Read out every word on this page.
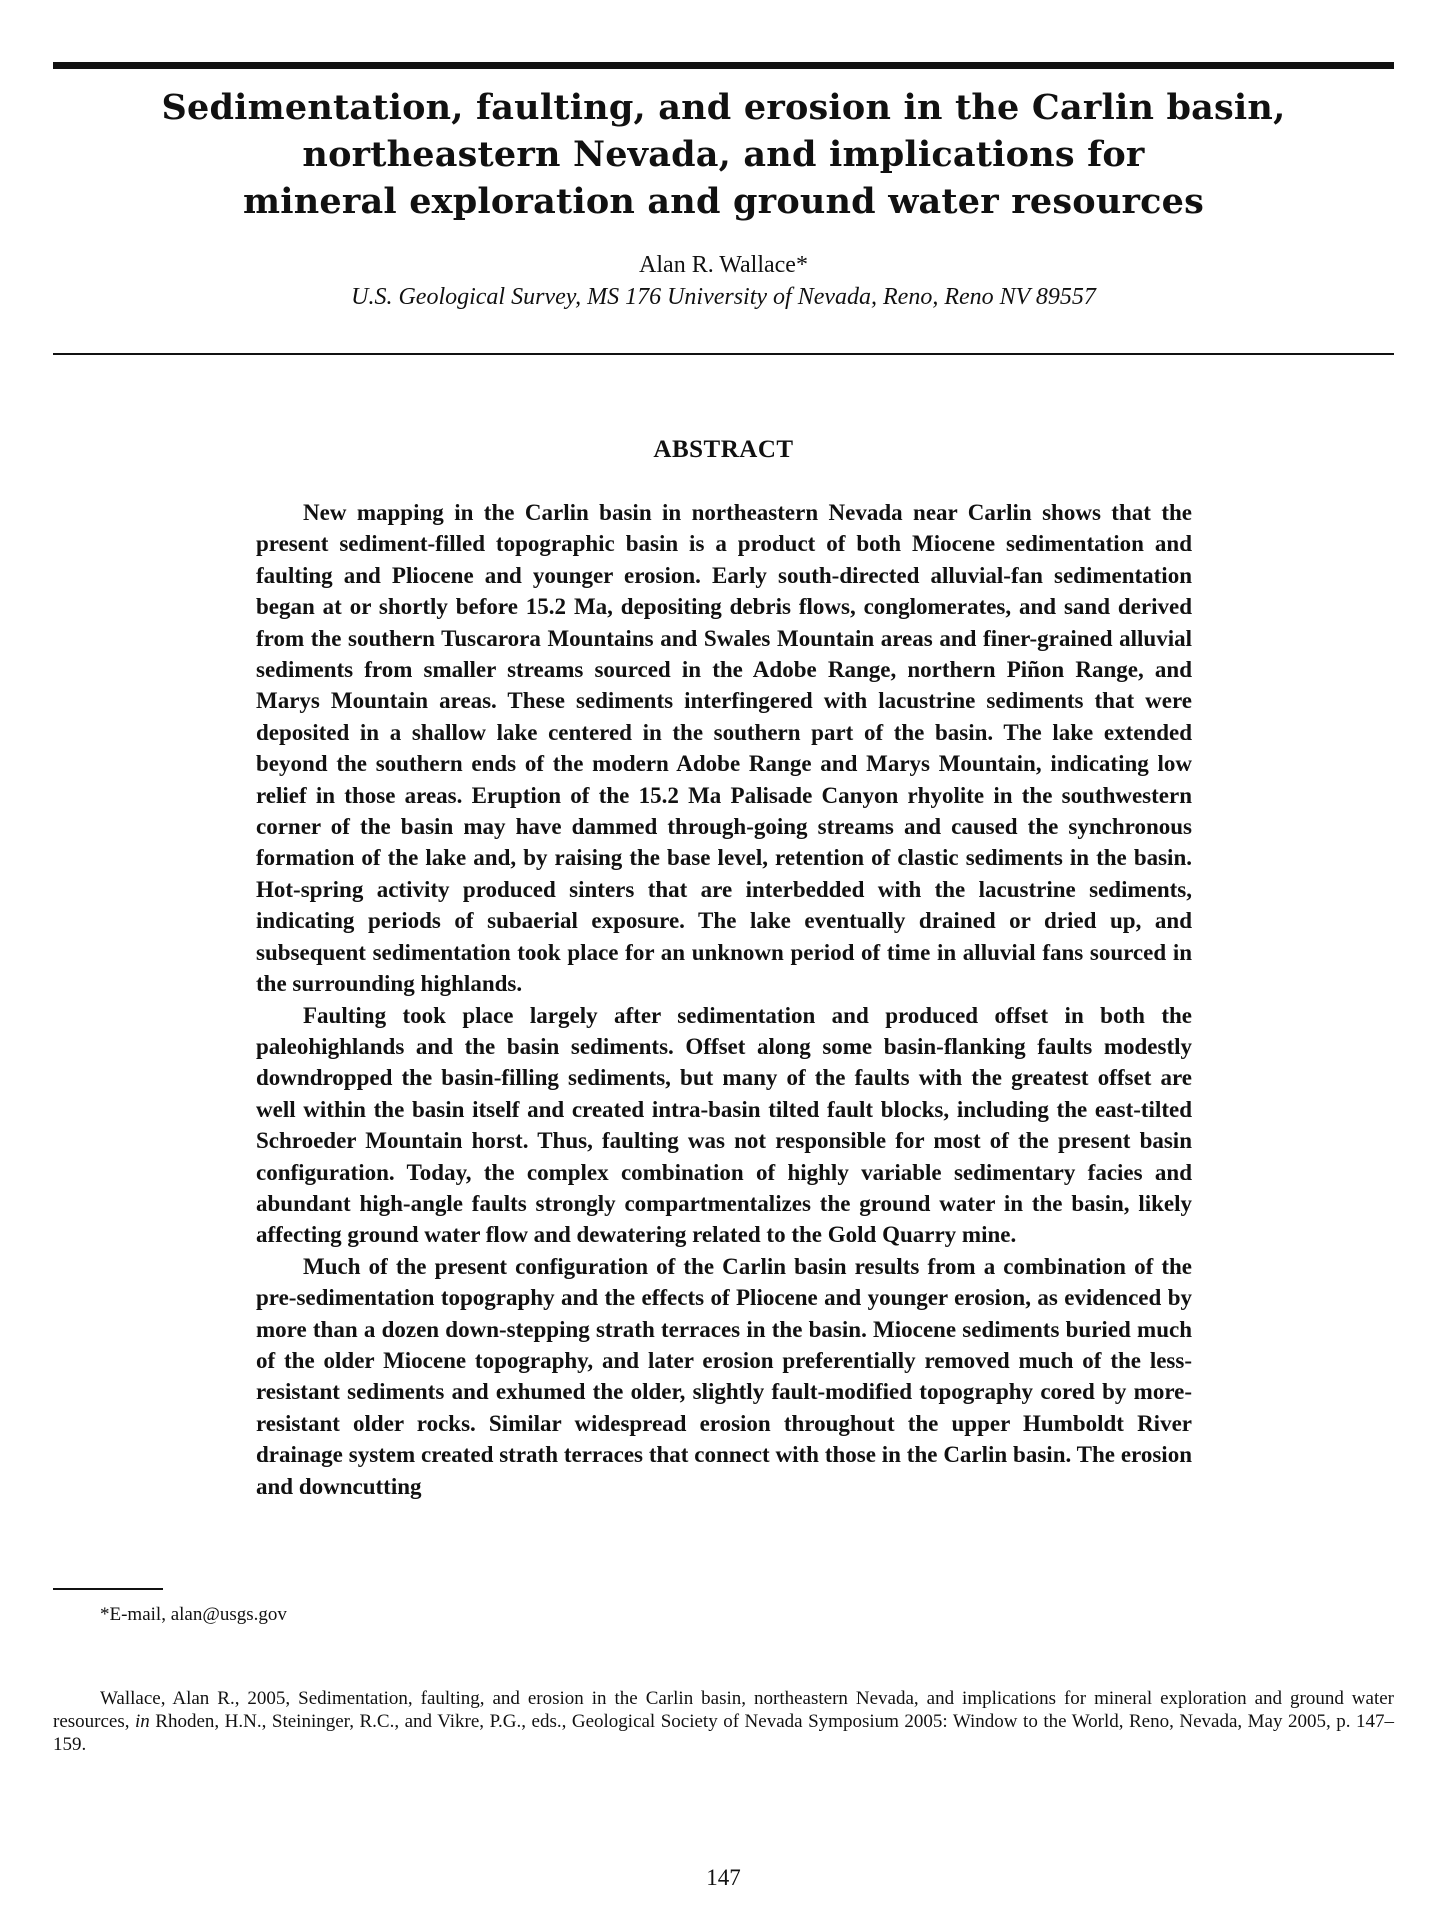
Sedimentation, faulting, and erosion in the Carlin basin,
northeastern Nevada, and implications for
mineral exploration and ground water resources
Alan R. Wallace*
U.S. Geological Survey, MS 176 University of Nevada, Reno, Reno NV 89557
ABSTRACT

New mapping in the Carlin basin in northeastern Nevada near Carlin shows that the present sediment-filled topographic basin is a product of both Miocene sedimentation and faulting and Pliocene and younger erosion. Early south-directed alluvial-fan sedimentation began at or shortly before 15.2 Ma, depositing debris flows, conglomerates, and sand derived from the southern Tuscarora Mountains and Swales Mountain areas and finer-grained alluvial sediments from smaller streams sourced in the Adobe Range, northern Piñon Range, and Marys Mountain areas. These sediments interfingered with lacustrine sediments that were deposited in a shallow lake centered in the southern part of the basin. The lake extended beyond the southern ends of the modern Adobe Range and Marys Mountain, indicating low relief in those areas. Eruption of the 15.2 Ma Palisade Canyon rhyolite in the southwestern corner of the basin may have dammed through-going streams and caused the synchronous formation of the lake and, by raising the base level, retention of clastic sediments in the basin. Hot-spring activity produced sinters that are interbedded with the lacustrine sediments, indicating periods of subaerial exposure. The lake eventually drained or dried up, and subsequent sedimentation took place for an unknown period of time in alluvial fans sourced in the surrounding highlands.

Faulting took place largely after sedimentation and produced offset in both the paleohighlands and the basin sediments. Offset along some basin-flanking faults modestly downdropped the basin-filling sediments, but many of the faults with the greatest offset are well within the basin itself and created intra-basin tilted fault blocks, including the east-tilted Schroeder Mountain horst. Thus, faulting was not responsible for most of the present basin configuration. Today, the complex combination of highly variable sedimentary facies and abundant high-angle faults strongly compartmentalizes the ground water in the basin, likely affecting ground water flow and dewatering related to the Gold Quarry mine.

Much of the present configuration of the Carlin basin results from a combination of the pre-sedimentation topography and the effects of Pliocene and younger erosion, as evidenced by more than a dozen down-stepping strath terraces in the basin. Miocene sediments buried much of the older Miocene topography, and later erosion preferentially removed much of the less-resistant sediments and exhumed the older, slightly fault-modified topography cored by more-resistant older rocks. Similar widespread erosion throughout the upper Humboldt River drainage system created strath terraces that connect with those in the Carlin basin. The erosion and downcutting

*E-mail, alan@usgs.gov
Wallace, Alan R., 2005, Sedimentation, faulting, and erosion in the Carlin basin, northeastern Nevada, and implications for mineral exploration and ground water resources, in Rhoden, H.N., Steininger, R.C., and Vikre, P.G., eds., Geological Society of Nevada Symposium 2005: Window to the World, Reno, Nevada, May 2005, p. 147–159.
147
